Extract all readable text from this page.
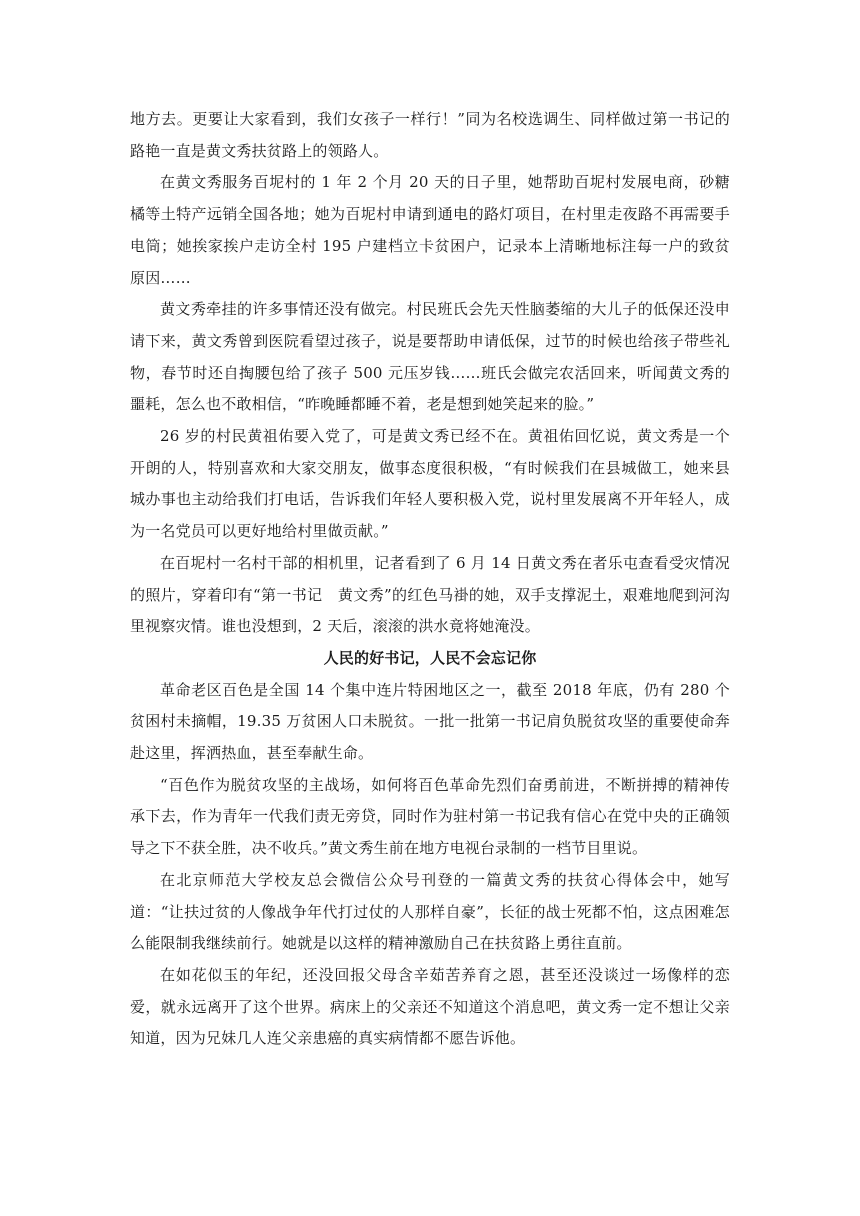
地方去。更要让大家看到，我们女孩子一样行！”同为名校选调生、同样做过第一书记的路艳一直是黄文秀扶贫路上的领路人。

在黄文秀服务百坭村的 1 年 2 个月 20 天的日子里，她帮助百坭村发展电商，砂糖橘等土特产远销全国各地；她为百坭村申请到通电的路灯项目，在村里走夜路不再需要手电筒；她挨家挨户走访全村 195 户建档立卡贫困户，记录本上清晰地标注每一户的致贫原因……

黄文秀牵挂的许多事情还没有做完。村民班氏会先天性脑萎缩的大儿子的低保还没申请下来，黄文秀曾到医院看望过孩子，说是要帮助申请低保，过节的时候也给孩子带些礼物，春节时还自掏腰包给了孩子 500 元压岁钱……班氏会做完农活回来，听闻黄文秀的噩耗，怎么也不敢相信，“昨晚睡都睡不着，老是想到她笑起来的脸。”

26 岁的村民黄祖佑要入党了，可是黄文秀已经不在。黄祖佑回忆说，黄文秀是一个开朗的人，特别喜欢和大家交朋友，做事态度很积极，“有时候我们在县城做工，她来县城办事也主动给我们打电话，告诉我们年轻人要积极入党，说村里发展离不开年轻人，成为一名党员可以更好地给村里做贡献。”

在百坭村一名村干部的相机里，记者看到了 6 月 14 日黄文秀在者乐屯查看受灾情况的照片，穿着印有“第一书记　黄文秀”的红色马褂的她，双手支撑泥土，艰难地爬到河沟里视察灾情。谁也没想到，2 天后，滚滚的洪水竟将她淹没。

人民的好书记，人民不会忘记你

革命老区百色是全国 14 个集中连片特困地区之一，截至 2018 年底，仍有 280 个贫困村未摘帽，19.35 万贫困人口未脱贫。一批一批第一书记肩负脱贫攻坚的重要使命奔赴这里，挥洒热血，甚至奉献生命。

“百色作为脱贫攻坚的主战场，如何将百色革命先烈们奋勇前进，不断拼搏的精神传承下去，作为青年一代我们责无旁贷，同时作为驻村第一书记我有信心在党中央的正确领导之下不获全胜，决不收兵。”黄文秀生前在地方电视台录制的一档节目里说。

在北京师范大学校友总会微信公众号刊登的一篇黄文秀的扶贫心得体会中，她写道：“让扶过贫的人像战争年代打过仗的人那样自豪”，长征的战士死都不怕，这点困难怎么能限制我继续前行。她就是以这样的精神激励自己在扶贫路上勇往直前。

在如花似玉的年纪，还没回报父母含辛茹苦养育之恩，甚至还没谈过一场像样的恋爱，就永远离开了这个世界。病床上的父亲还不知道这个消息吧，黄文秀一定不想让父亲知道，因为兄妹几人连父亲患癌的真实病情都不愿告诉他。
